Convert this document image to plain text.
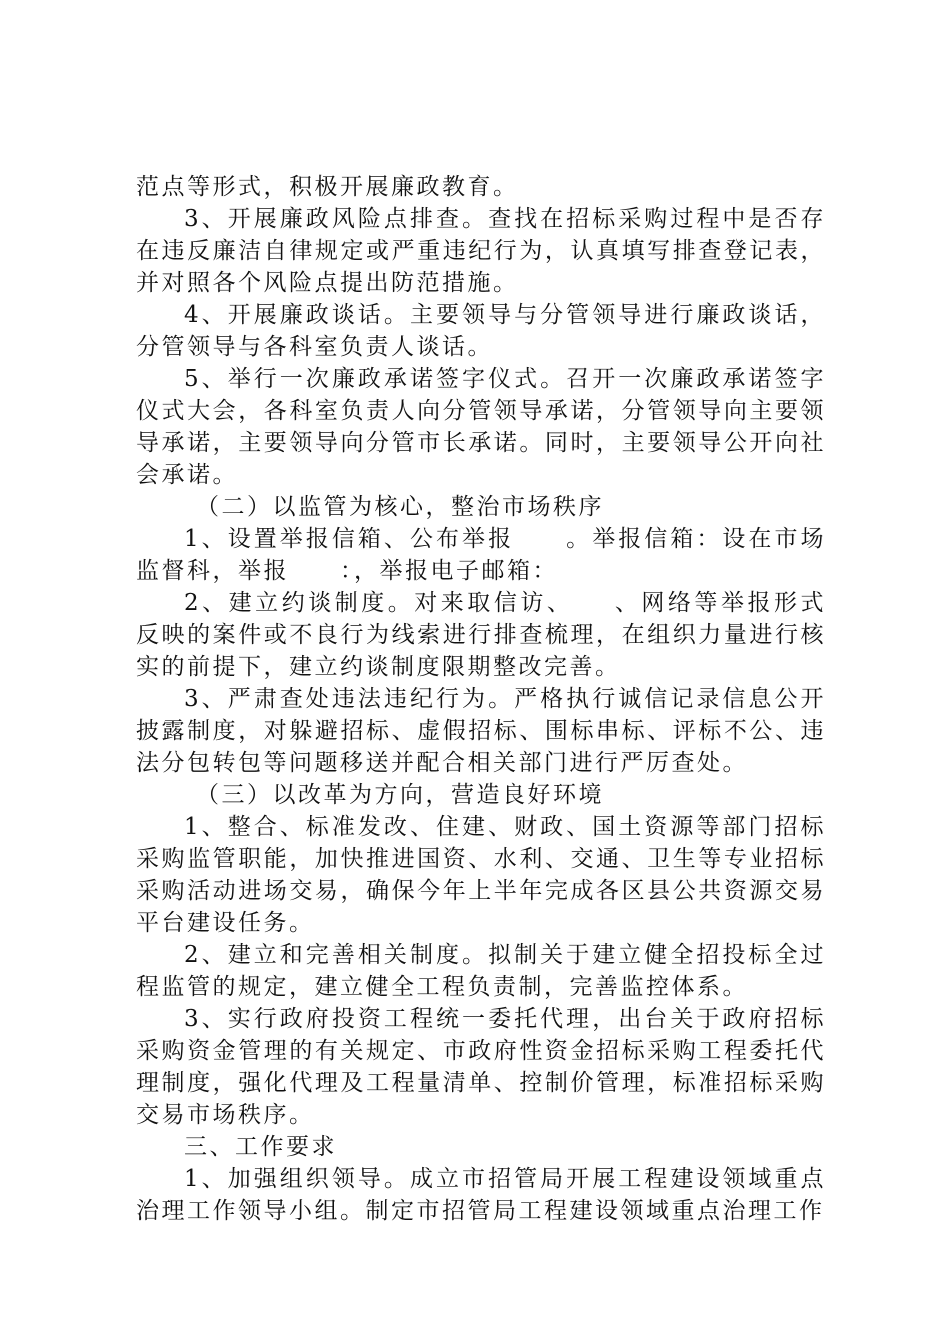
范点等形式，积极开展廉政教育。

3、开展廉政风险点排查。查找在招标采购过程中是否存在违反廉洁自律规定或严重违纪行为，认真填写排查登记表，并对照各个风险点提出防范措施。

4、开展廉政谈话。主要领导与分管领导进行廉政谈话，分管领导与各科室负责人谈话。

5、举行一次廉政承诺签字仪式。召开一次廉政承诺签字仪式大会，各科室负责人向分管领导承诺，分管领导向主要领导承诺，主要领导向分管市长承诺。同时，主要领导公开向社会承诺。

（二）以监管为核心，整治市场秩序

1、设置举报信箱、公布举报　　。举报信箱：设在市场监督科，举报　　：，举报电子邮箱：

2、建立约谈制度。对来取信访、　　、网络等举报形式反映的案件或不良行为线索进行排查梳理，在组织力量进行核实的前提下，建立约谈制度限期整改完善。

3、严肃查处违法违纪行为。严格执行诚信记录信息公开披露制度，对躲避招标、虚假招标、围标串标、评标不公、违法分包转包等问题移送并配合相关部门进行严厉查处。

（三）以改革为方向，营造良好环境

1、整合、标准发改、住建、财政、国土资源等部门招标采购监管职能，加快推进国资、水利、交通、卫生等专业招标采购活动进场交易，确保今年上半年完成各区县公共资源交易平台建设任务。

2、建立和完善相关制度。拟制关于建立健全招投标全过程监管的规定，建立健全工程负责制，完善监控体系。

3、实行政府投资工程统一委托代理，出台关于政府招标采购资金管理的有关规定、市政府性资金招标采购工程委托代理制度，强化代理及工程量清单、控制价管理，标准招标采购交易市场秩序。

三、工作要求

1、加强组织领导。成立市招管局开展工程建设领域重点治理工作领导小组。制定市招管局工程建设领域重点治理工作
